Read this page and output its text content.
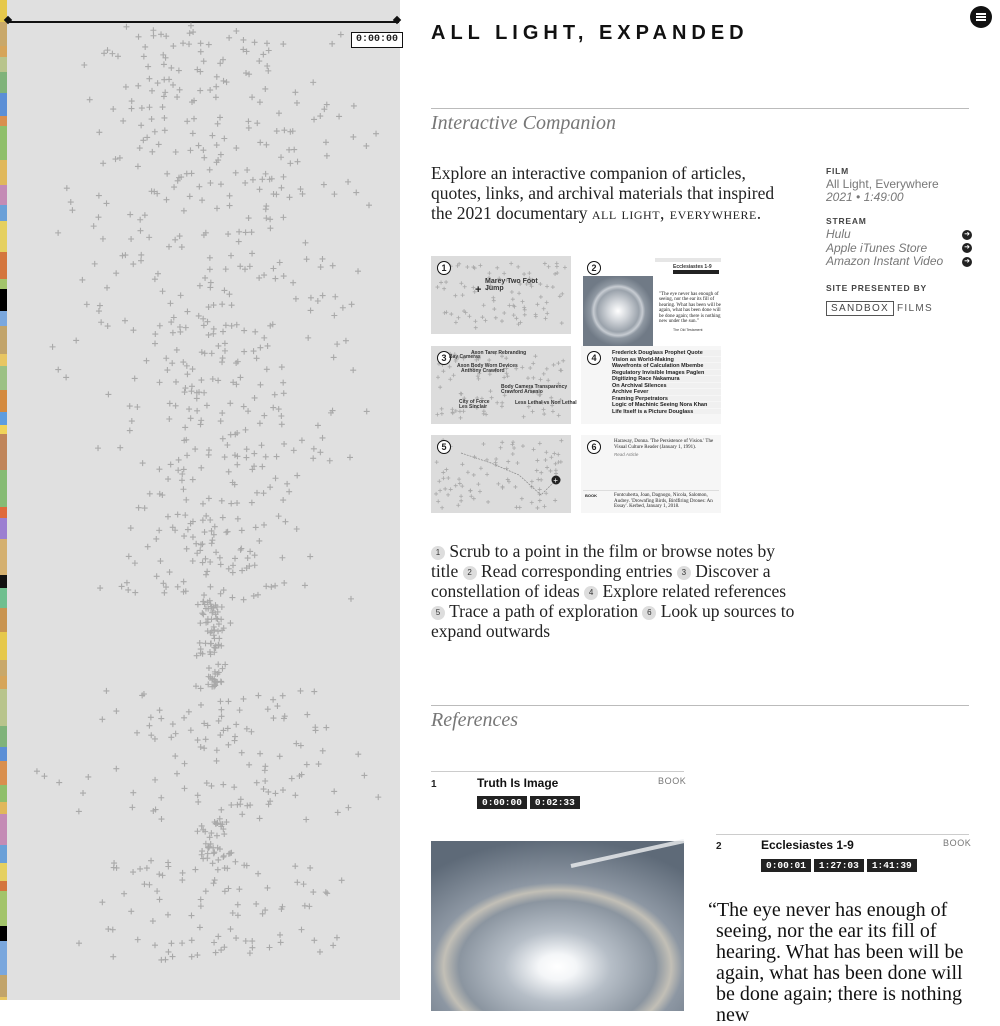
0:00:00 ALL LIGHT, EXPANDED
Interactive Companion

Explore an interactive companion of articles, quotes, links, and archival materials that inspired the 2021 documentary all light, everywhere.

FILM
All Light, Everywhere
2021 • 1:49:00
STREAM
Hulu	➜
Apple iTunes Store	➜
Amazon Instant Video	➜
SITE PRESENTED BY
SANDBOX FILMS
1
Marey Two Foot Jump
+
2	Ecclesiastes 1-9
"The eye never has enough of seeing, nor the ear its fill of hearing. What has been will be again, what has been done will be done again; there is nothing new under the sun."
The Old Testament
3	Axon Tarer Rebranding
Bay Cameras
Axon Body Worn Devices
Anthony Crawford
Body Camera Transparency
Crawford Arsenio
City of Force
Les Sinclair
Less Lethal vs Non Lethal
4	Frederick Douglass Prophet Quote
Vision as World-Making
Wavefronts of Calculation Mbembe
Regulatory Invisible Images Paglen
Digitizing Race Nakamura
On Archival Silences
Archive Fever
Framing Perpetrators
Logic of Machinic Seeing Nora Khan
Life Itself is a Picture Douglass
+
5	6
Haraway, Donna. 'The Persistence of Vision.' The Visual Culture Reader (January 1, 1991).
Read Article
BOOK	Fontcuberta, Joan, Dagnogo, Nicola, Salomon, Audrey. 'Drownfing Birds, Birdfiring Drones: An Essay'. Kerbed, January 1, 2018.

1 Scrub to a point in the film or browse notes by title 2 Read corresponding entries 3 Discover a constellation of ideas 4 Explore related references 5 Trace a path of exploration 6 Look up sources to expand outwards

References
1	Truth Is Image	BOOK
0:00:00	0:02:33
2	Ecclesiastes 1-9	BOOK
0:00:01	1:27:03	1:41:39

“The eye never has enough of seeing, nor the ear its fill of hearing. What has been will be again, what has been done will be done again; there is nothing new
